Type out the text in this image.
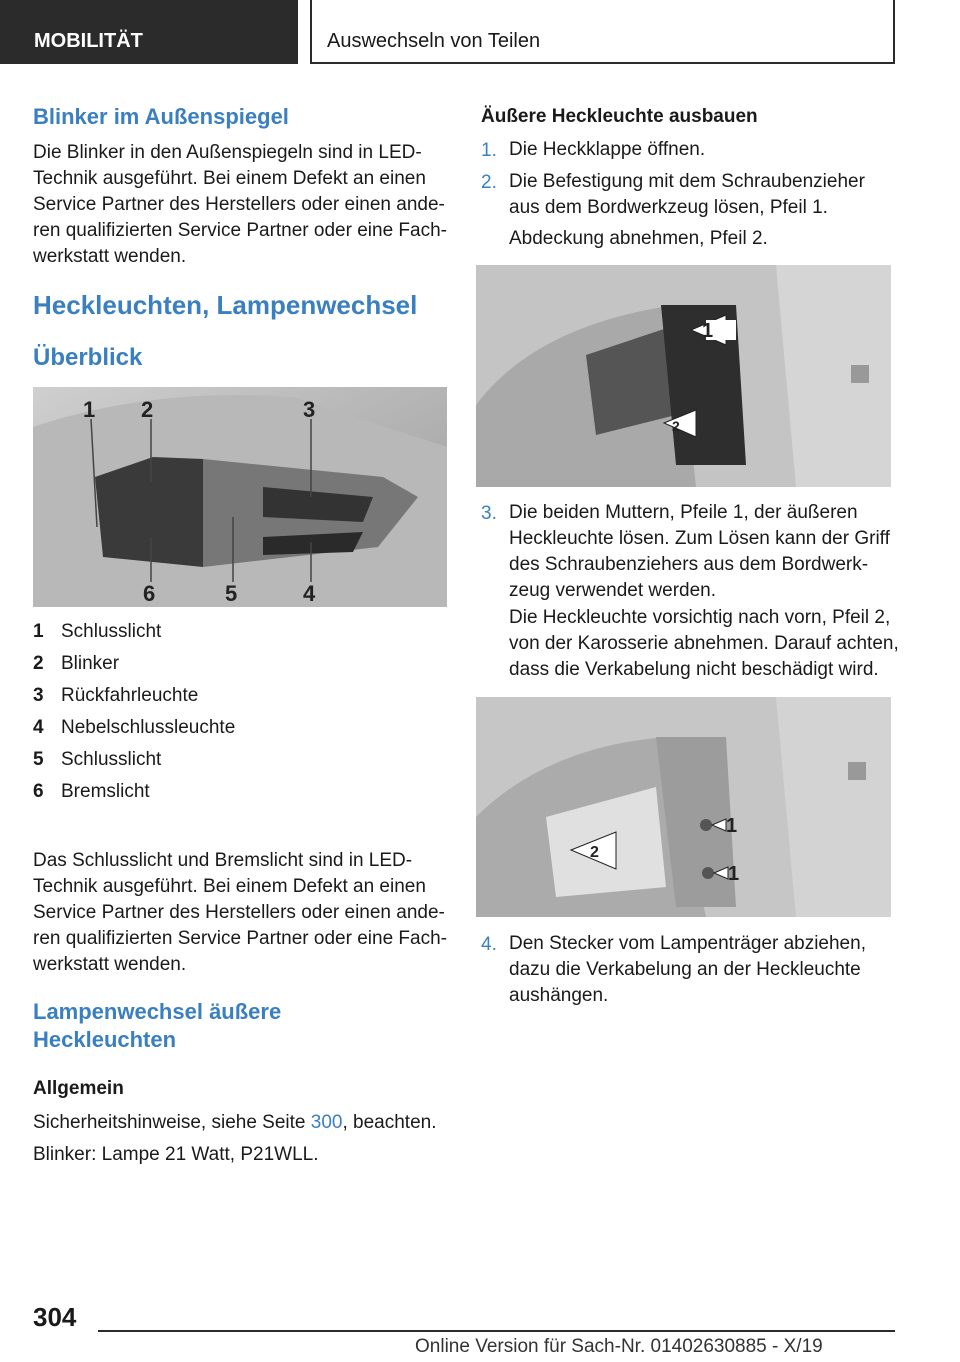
MOBILITÄT	Auswechseln von Teilen
Blinker im Außenspiegel
Die Blinker in den Außenspiegeln sind in LED-
Technik ausgeführt. Bei einem Defekt an einen
Service Partner des Herstellers oder einen ande-
ren qualifizierten Service Partner oder eine Fach-
werkstatt wenden.
Heckleuchten, Lampenwechsel
Überblick
1 2	3
4
5
6
1 Schlusslicht
2 Blinker
3 Rückfahrleuchte
4 Nebelschlussleuchte
5 Schlusslicht
6 Bremslicht
Das Schlusslicht und Bremslicht sind in LED-
Technik ausgeführt. Bei einem Defekt an einen
Service Partner des Herstellers oder einen ande-
ren qualifizierten Service Partner oder eine Fach-
werkstatt wenden.
Lampenwechsel äußere
Heckleuchten
Allgemein
Sicherheitshinweise, siehe Seite 300, beachten.
Blinker: Lampe 21 Watt, P21WLL.
Äußere Heckleuchte ausbauen
1. Die Heckklappe öffnen.
2. Die Befestigung mit dem Schraubenzieher
aus dem Bordwerkzeug lösen, Pfeil 1.
Abdeckung abnehmen, Pfeil 2.
1
2
3. Die beiden Muttern, Pfeile 1, der äußeren
Heckleuchte lösen. Zum Lösen kann der Griff
des Schraubenziehers aus dem Bordwerk-
zeug verwendet werden.
Die Heckleuchte vorsichtig nach vorn, Pfeil 2,
von der Karosserie abnehmen. Darauf achten,
dass die Verkabelung nicht beschädigt wird.
1
1
2
4. Den Stecker vom Lampenträger abziehen,
dazu die Verkabelung an der Heckleuchte
aushängen.
304
Online Version für Sach-Nr. 01402630885 - X/19
